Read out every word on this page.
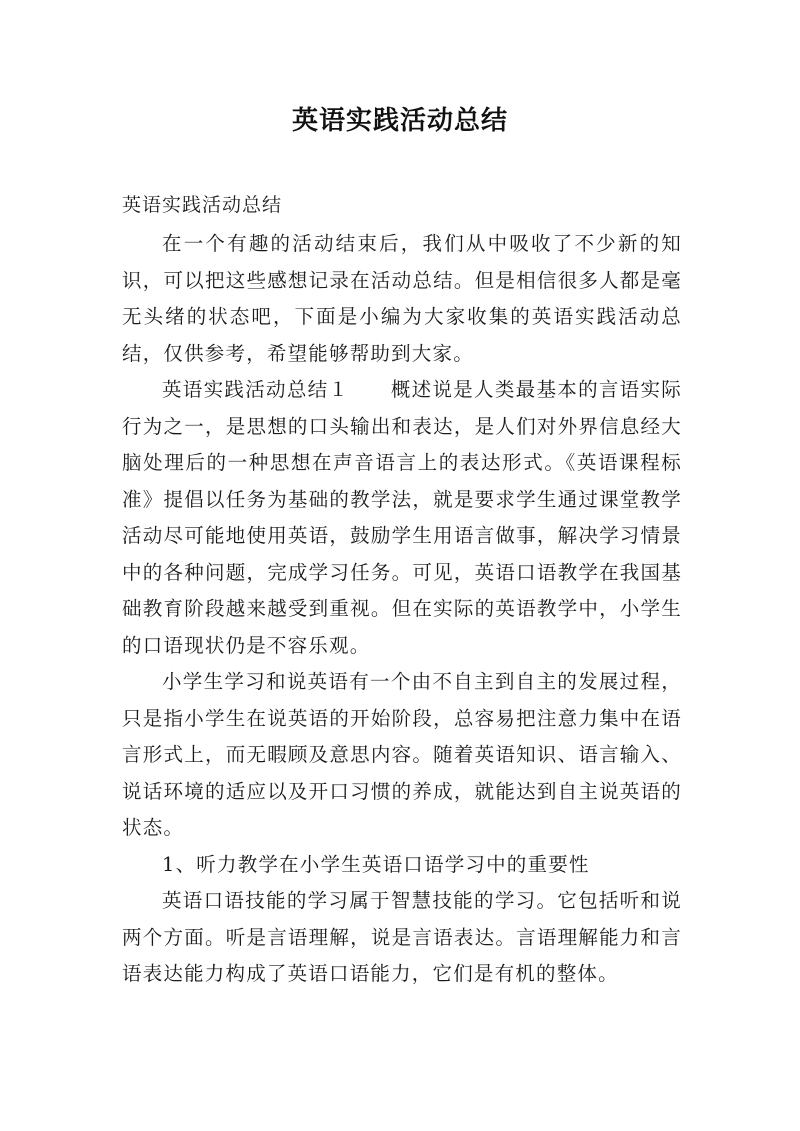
英语实践活动总结
英语实践活动总结

在一个有趣的活动结束后，我们从中吸收了不少新的知识，可以把这些感想记录在活动总结。但是相信很多人都是毫无头绪的状态吧，下面是小编为大家收集的英语实践活动总结，仅供参考，希望能够帮助到大家。

英语实践活动总结１　　概述说是人类最基本的言语实际行为之一，是思想的口头输出和表达，是人们对外界信息经大脑处理后的一种思想在声音语言上的表达形式。《英语课程标准》提倡以任务为基础的教学法，就是要求学生通过课堂教学活动尽可能地使用英语，鼓励学生用语言做事，解决学习情景中的各种问题，完成学习任务。可见，英语口语教学在我国基础教育阶段越来越受到重视。但在实际的英语教学中，小学生的口语现状仍是不容乐观。

小学生学习和说英语有一个由不自主到自主的发展过程，只是指小学生在说英语的开始阶段，总容易把注意力集中在语言形式上，而无暇顾及意思内容。随着英语知识、语言输入、说话环境的适应以及开口习惯的养成，就能达到自主说英语的状态。

1、听力教学在小学生英语口语学习中的重要性

英语口语技能的学习属于智慧技能的学习。它包括听和说两个方面。听是言语理解，说是言语表达。言语理解能力和言语表达能力构成了英语口语能力，它们是有机的整体。
